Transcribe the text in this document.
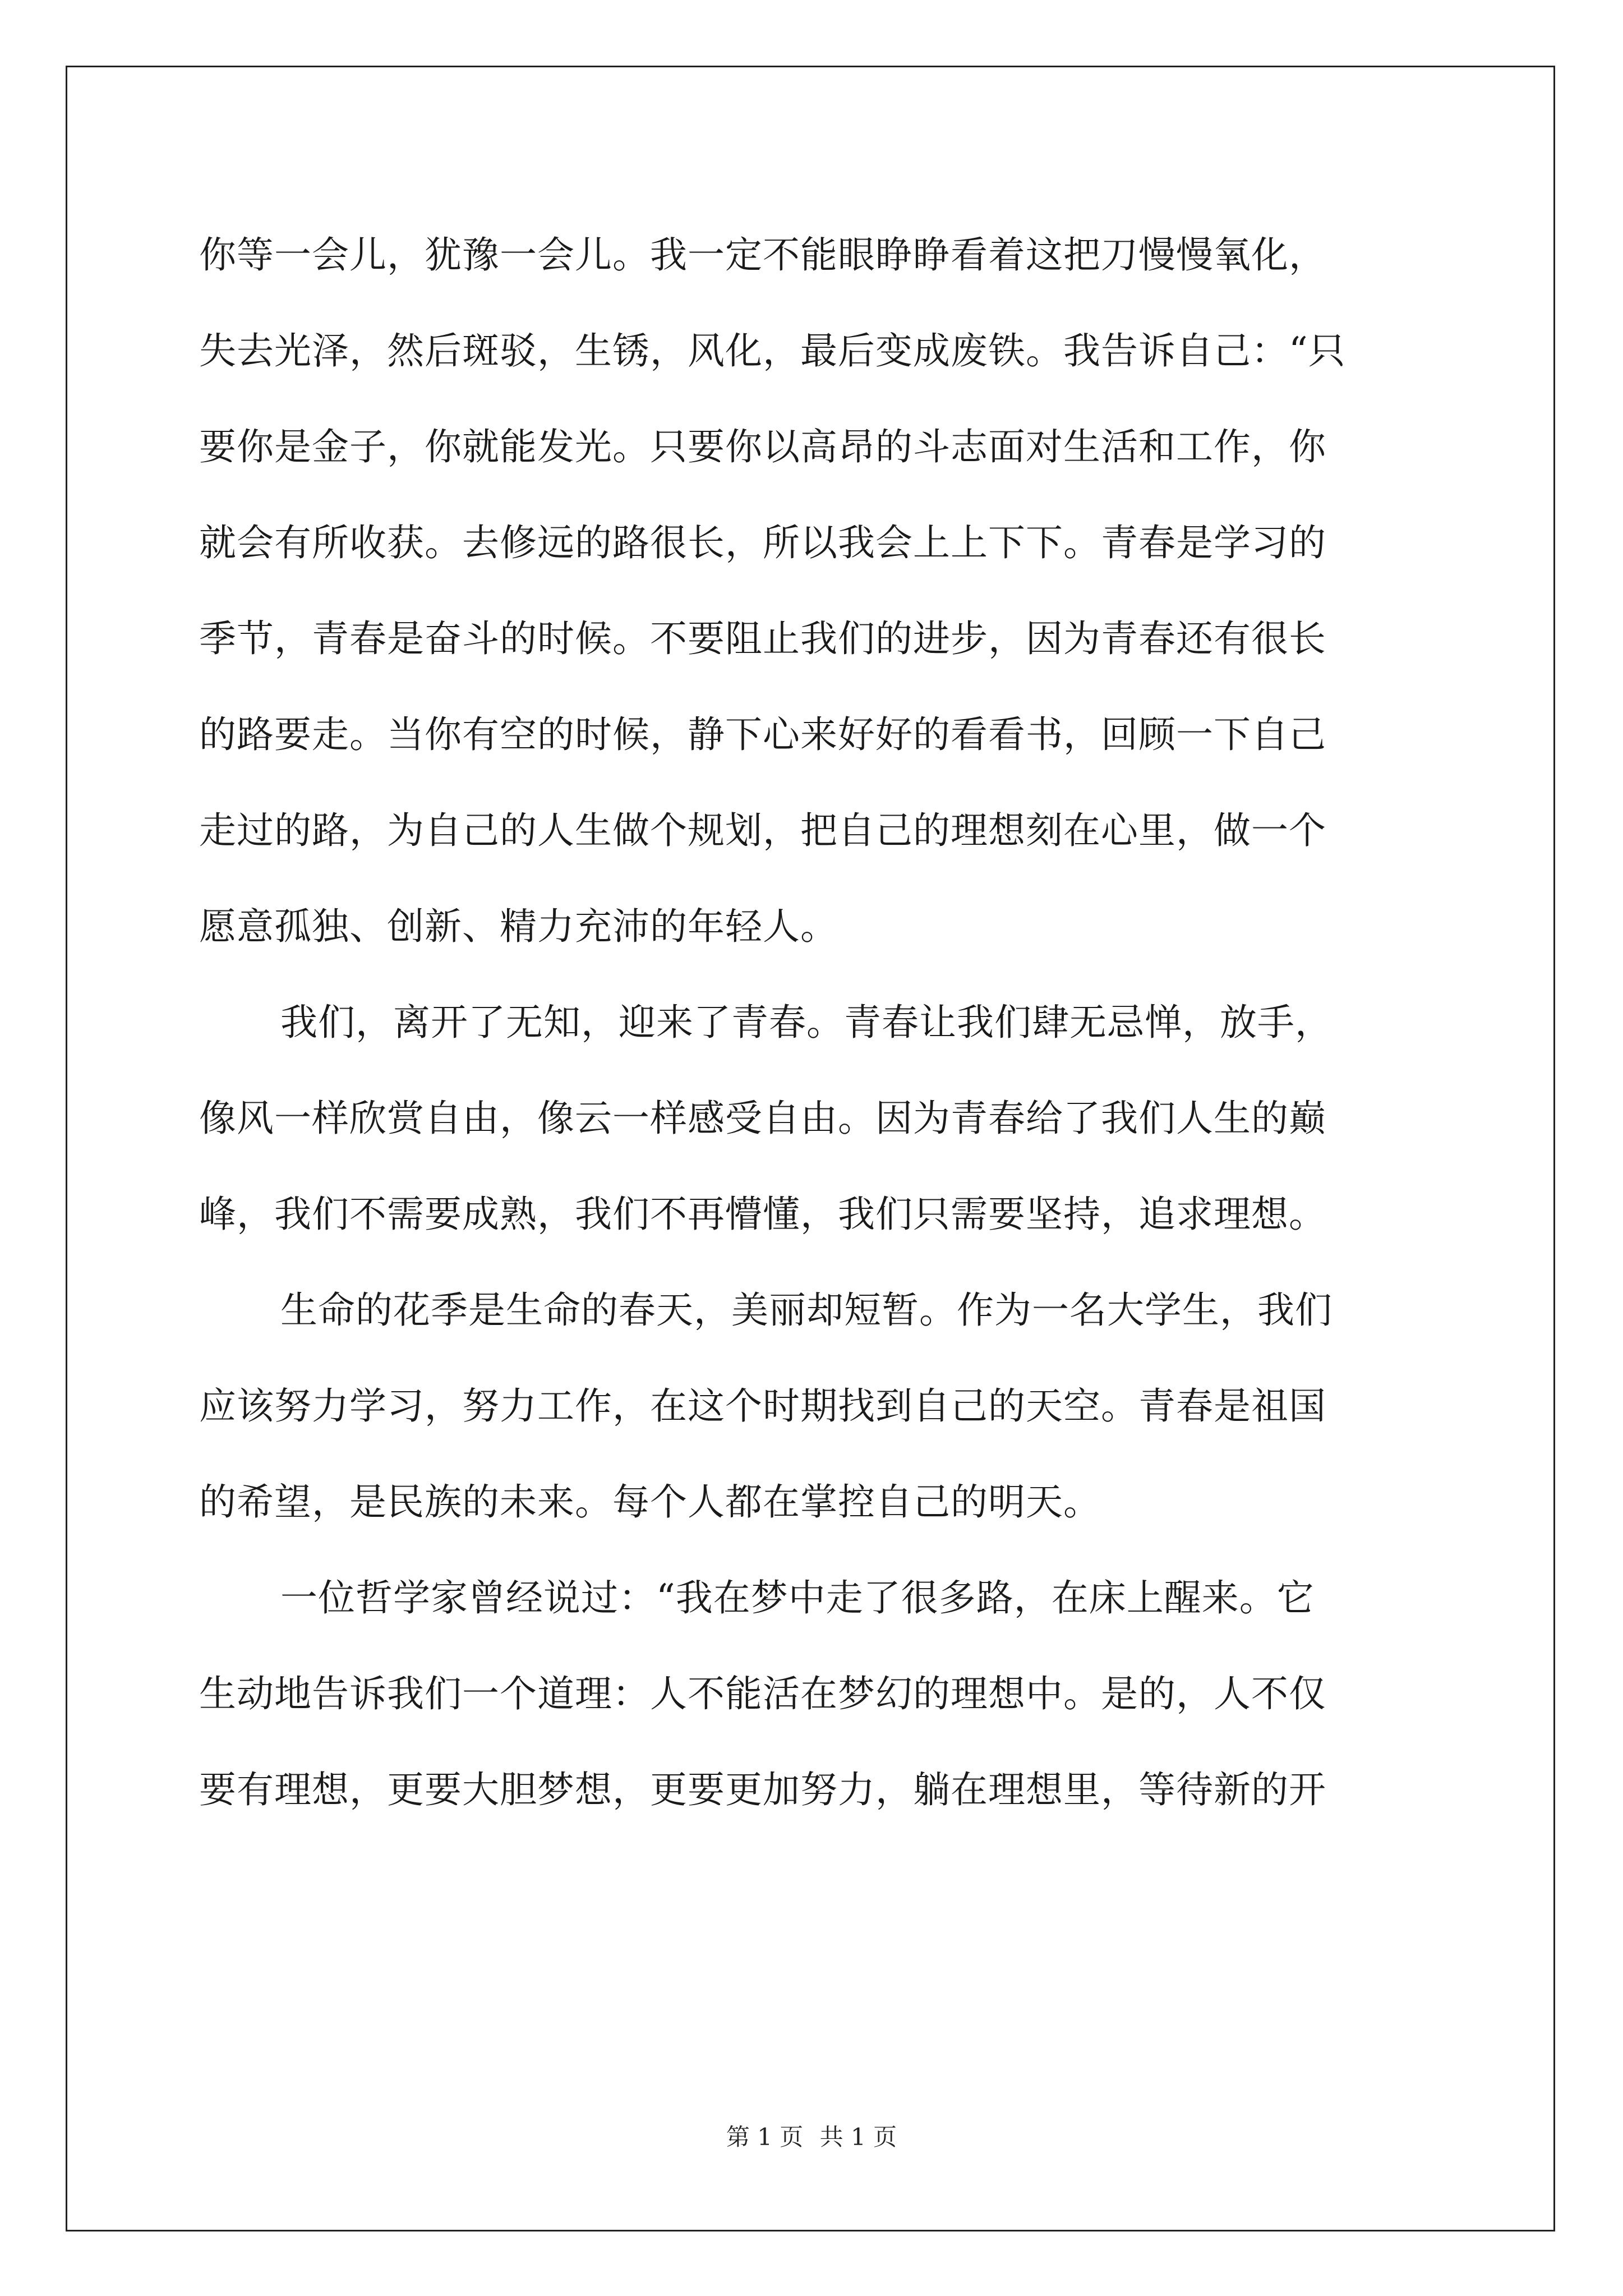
你等一会儿，犹豫一会儿。我一定不能眼睁睁看着这把刀慢慢氧化，
失去光泽，然后斑驳，生锈，风化，最后变成废铁。我告诉自己：“只
要你是金子，你就能发光。只要你以高昂的斗志面对生活和工作，你
就会有所收获。去修远的路很长，所以我会上上下下。青春是学习的
季节，青春是奋斗的时候。不要阻止我们的进步，因为青春还有很长
的路要走。当你有空的时候，静下心来好好的看看书，回顾一下自己
走过的路，为自己的人生做个规划，把自己的理想刻在心里，做一个
愿意孤独、创新、精力充沛的年轻人。
我们，离开了无知，迎来了青春。青春让我们肆无忌惮，放手，
像风一样欣赏自由，像云一样感受自由。因为青春给了我们人生的巅
峰，我们不需要成熟，我们不再懵懂，我们只需要坚持，追求理想。
生命的花季是生命的春天，美丽却短暂。作为一名大学生，我们
应该努力学习，努力工作，在这个时期找到自己的天空。青春是祖国
的希望，是民族的未来。每个人都在掌控自己的明天。
一位哲学家曾经说过：“我在梦中走了很多路，在床上醒来。它
生动地告诉我们一个道理：人不能活在梦幻的理想中。是的，人不仅
要有理想，更要大胆梦想，更要更加努力，躺在理想里，等待新的开
第 1 页 共 1 页
